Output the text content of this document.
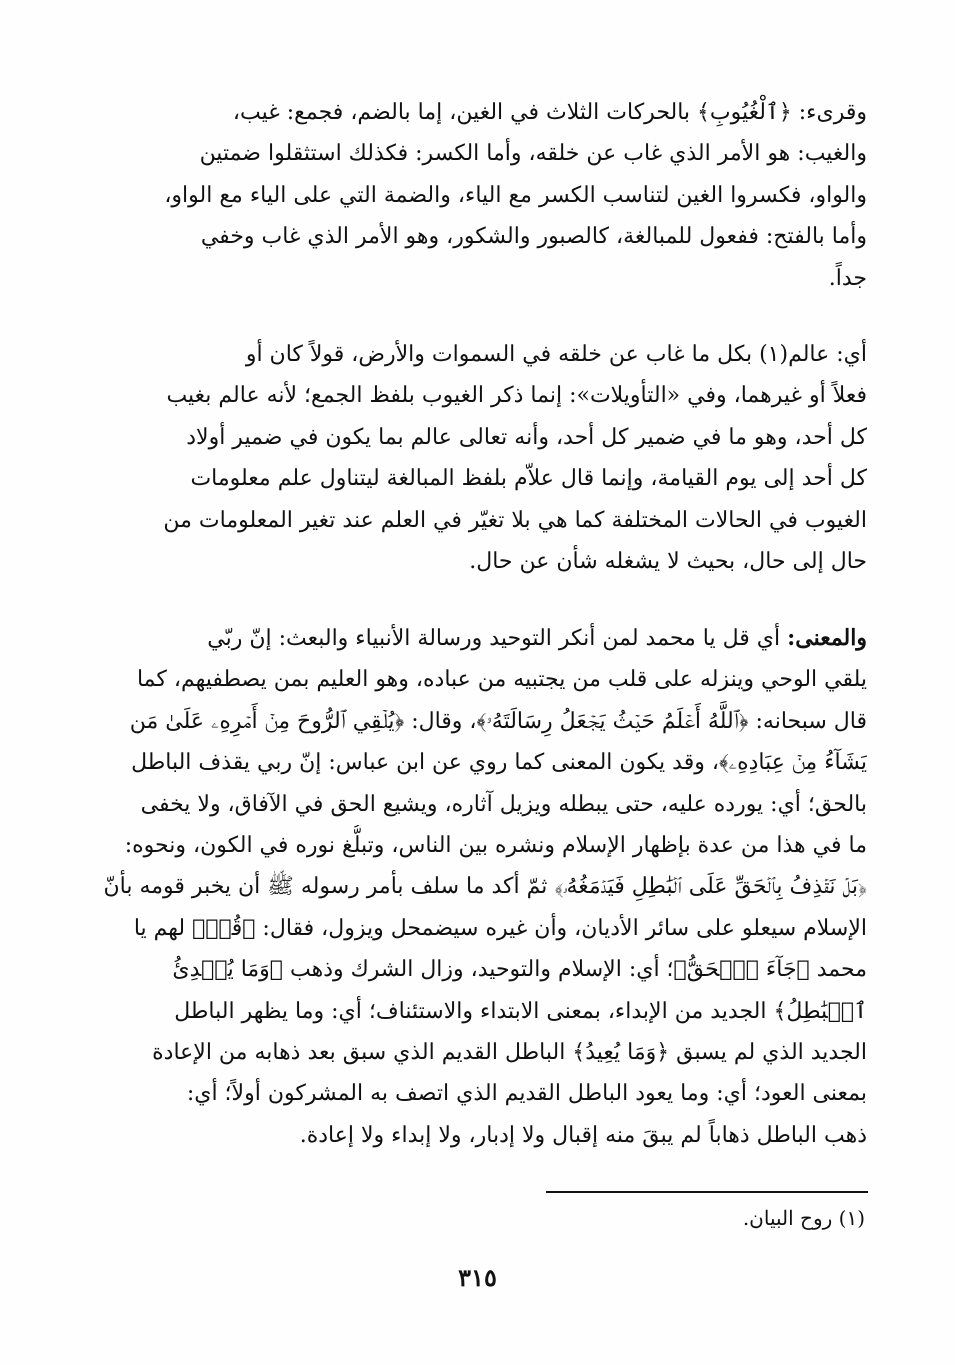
وقرىء: ﴿ٱلْغُيُوبِ﴾ بالحركات الثلاث في الغين، إما بالضم، فجمع: غيب،
والغيب: هو الأمر الذي غاب عن خلقه، وأما الكسر: فكذلك استثقلوا ضمتين
والواو، فكسروا الغين لتناسب الكسر مع الياء، والضمة التي على الياء مع الواو،
وأما بالفتح: ففعول للمبالغة، كالصبور والشكور، وهو الأمر الذي غاب وخفي
جداً.
أي: عالم(١) بكل ما غاب عن خلقه في السموات والأرض، قولاً كان أو
فعلاً أو غيرهما، وفي «التأويلات»: إنما ذكر الغيوب بلفظ الجمع؛ لأنه عالم بغيب
كل أحد، وهو ما في ضمير كل أحد، وأنه تعالى عالم بما يكون في ضمير أولاد
كل أحد إلى يوم القيامة، وإنما قال علاّم بلفظ المبالغة ليتناول علم معلومات
الغيوب في الحالات المختلفة كما هي بلا تغيّر في العلم عند تغير المعلومات من
حال إلى حال، بحيث لا يشغله شأن عن حال.
والمعنى: أي قل يا محمد لمن أنكر التوحيد ورسالة الأنبياء والبعث: إنّ ربّي
يلقي الوحي وينزله على قلب من يجتبيه من عباده، وهو العليم بمن يصطفيهم، كما
قال سبحانه: ﴿ٱللَّهُ أَعۡلَمُ حَيۡثُ يَجۡعَلُ رِسَالَتَهُۥ﴾، وقال: ﴿يُلۡقِي ٱلرُّوحَ مِنۡ أَمۡرِهِۦ عَلَىٰ مَن
يَشَآءُ مِنۡ عِبَادِهِۦ﴾، وقد يكون المعنى كما روي عن ابن عباس: إنّ ربي يقذف الباطل
بالحق؛ أي: يورده عليه، حتى يبطله ويزيل آثاره، ويشيع الحق في الآفاق، ولا يخفى
ما في هذا من عدة بإظهار الإسلام ونشره بين الناس، وتبلُّغ نوره في الكون، ونحوه:
﴿بَلۡ نَقۡذِفُ بِٱلۡحَقِّ عَلَى ٱلۡبَٰطِلِ فَيَدۡمَغُهُۥ﴾ ثمّ أكد ما سلف بأمر رسوله ﷺ أن يخبر قومه بأنّ
الإسلام سيعلو على سائر الأديان، وأن غيره سيضمحل ويزول، فقال: ﴿قُلۡ﴾ لهم يا
محمد ﴿جَآءَ ٱلۡحَقُّ﴾؛ أي: الإسلام والتوحيد، وزال الشرك وذهب ﴿وَمَا يُبۡدِئُ
ٱلۡبَٰطِلُ﴾ الجديد من الإبداء، بمعنى الابتداء والاستئناف؛ أي: وما يظهر الباطل
الجديد الذي لم يسبق ﴿وَمَا يُعِيدُ﴾ الباطل القديم الذي سبق بعد ذهابه من الإعادة
بمعنى العود؛ أي: وما يعود الباطل القديم الذي اتصف به المشركون أولاً؛ أي:
ذهب الباطل ذهاباً لم يبقَ منه إقبال ولا إدبار، ولا إبداء ولا إعادة.
(١) روح البيان.
٣١٥
